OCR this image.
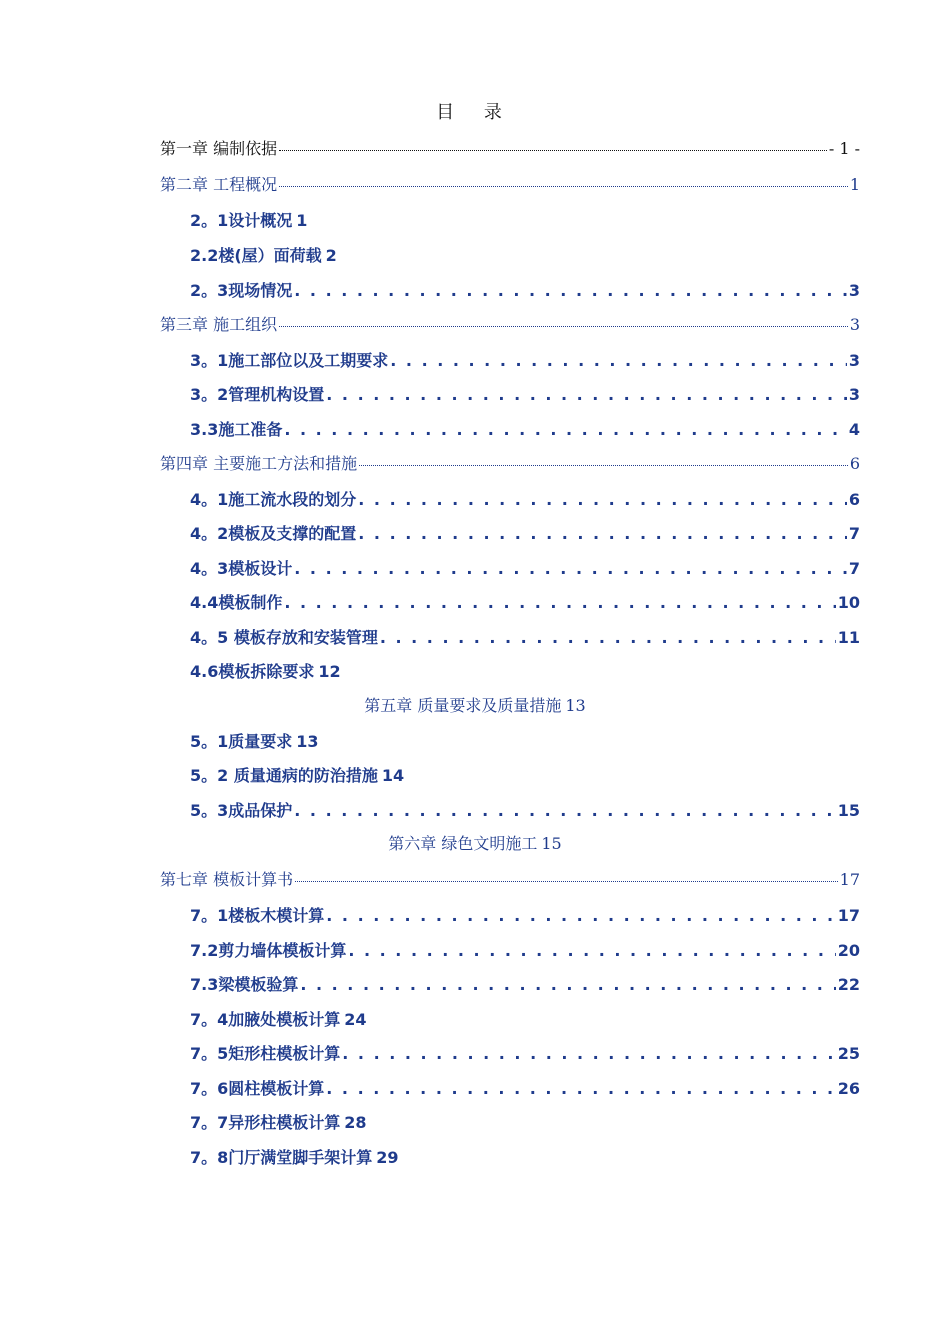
目 录
第一章 编制依据	- 1 -
第二章 工程概况	1
2。1设计概况 1
2.2楼(屋）面荷载 2
2。3现场情况 . . .	3
第三章 施工组织	3
3。1施工部位以及工期要求 . . .	3
3。2管理机构设置 . . .	3
3.3施工准备 . . .	4
第四章 主要施工方法和措施	6
4。1施工流水段的划分 . . .	6
4。2模板及支撑的配置 . . .	7
4。3模板设计 . . .	7
4.4模板制作 . . .	10
4。5 模板存放和安装管理 . . .	11
4.6模板拆除要求 12
第五章 质量要求及质量措施 13
5。1质量要求 13
5。2 质量通病的防治措施 14
5。3成品保护 . . .	15
第六章 绿色文明施工 15
第七章 模板计算书	17
7。1楼板木模计算 . . .	17
7.2剪力墙体模板计算 . . .	20
7.3梁模板验算 . . .	22
7。4加腋处模板计算 24
7。5矩形柱模板计算 . . .	25
7。6圆柱模板计算 . . .	26
7。7异形柱模板计算 28
7。8门厅满堂脚手架计算 29
